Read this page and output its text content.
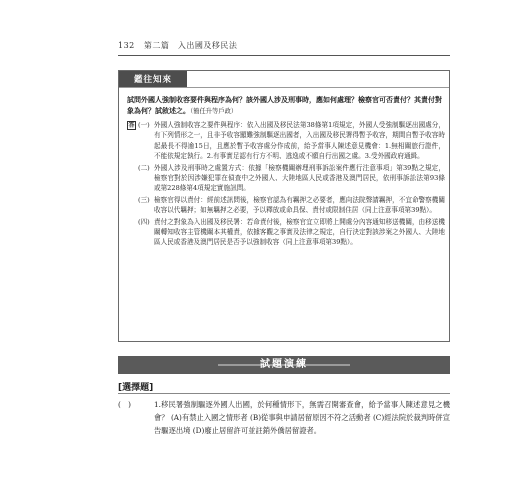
132 第二篇　入出國及移民法
鑑往知來
試問外國人強制收容要件與程序為何？該外國人涉及刑事時，應如何處理？檢察官可否責付？其責付對象為何？試敘述之。（簡任升等戶政）
答 (一) 外國人強制收容之要件與程序：依入出國及移民法第38條第1項規定，外國人受強制驅逐出國處分，有下列情形之一，且非予收容顯難強制驅逐出國者，入出國及移民署得暫予收容，期間自暫予收容時起最長不得逾15日，且應於暫予收容處分作成前，給予當事人陳述意見機會：1.無相關旅行證件，不能依規定執行。2.有事實足認有行方不明、逃逸或不願自行出國之虞。3.受外國政府通緝。
(二) 外國人涉及刑事時之處置方式：依據「檢察機關辦理刑事訴訟案件應行注意事項」第39點之規定，檢察官對於因涉嫌犯罪在偵查中之外國人、大陸地區人民或香港及澳門居民，依刑事訴訟法第93條或第228條第4項規定實施訊問。
(三) 檢察官得以責付：經前述訊問後，檢察官認為有羈押之必要者，應向法院聲請羈押，不宜命警察機關收容以代羈押；如無羈押之必要，予以釋放或命具保、責付或限制住居（同上注意事項第39點）。
(四) 責付之對象為入出國及移民署：若命責付後，檢察官宜立即將上開處分內容通知移送機關，由移送機關轉知收容主管機關本其權責，依據客觀之事實及法律之規定，自行決定對該涉案之外國人、大陸地區人民或香港及澳門居民是否予以強制收容（同上注意事項第39點）。
試題演練
[選擇題]
(　)	1.移民署強制驅逐外國人出國，於何種情形下，無需召開審查會，給予當事人陳述意見之機會？ (A)有禁止入國之情形者 (B)從事與申請居留原因不符之活動者 (C)經法院於裁判時併宣告驅逐出境 (D)廢止居留許可並註銷外僑居留證者。
